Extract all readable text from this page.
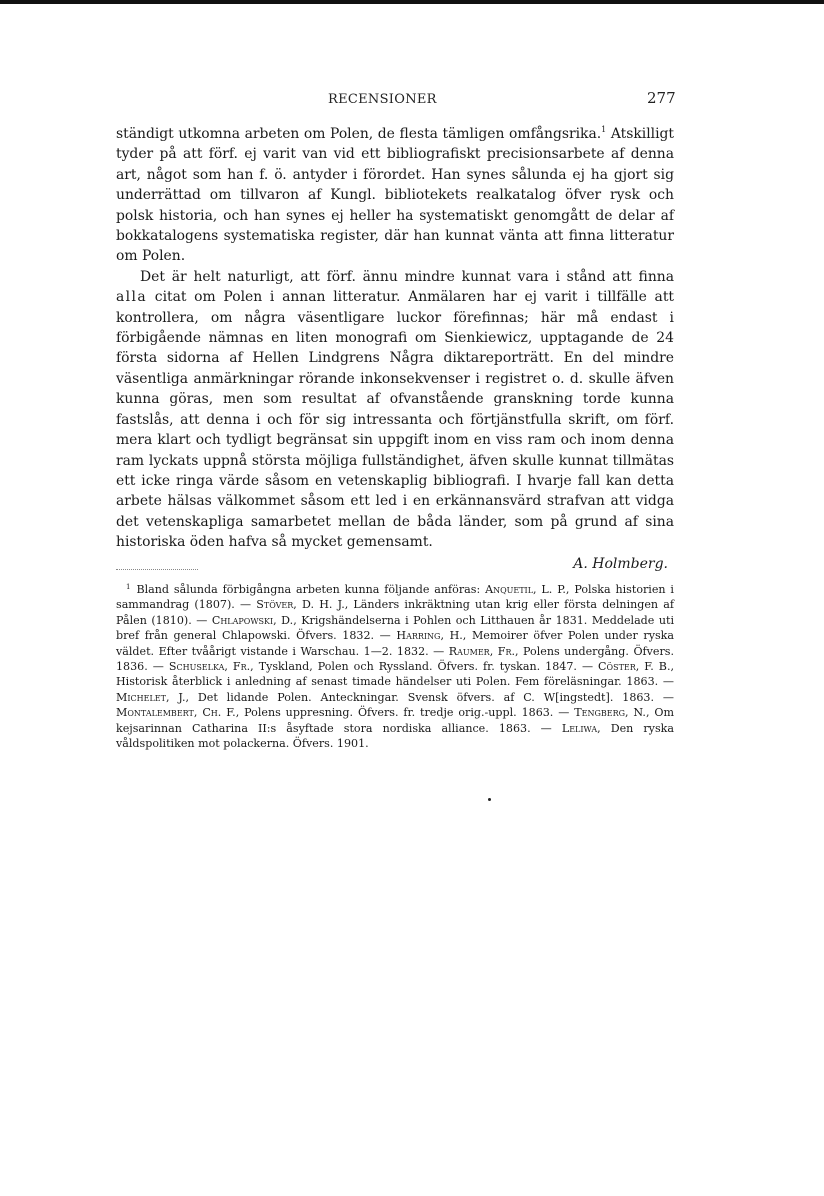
RECENSIONER	277

ständigt utkomna arbeten om Polen, de flesta tämligen omfångsrika.$^1$ Atskilligt tyder på att förf. ej varit van vid ett bibliografiskt precisionsarbete af denna art, något som han f. ö. antyder i förordet. Han synes sålunda ej ha gjort sig underrättad om tillvaron af Kungl. bibliotekets realkatalog öfver rysk och polsk historia, och han synes ej heller ha systematiskt genomgått de delar af bokkatalogens systematiska register, där han kunnat vänta att finna litteratur om Polen.

Det är helt naturligt, att förf. ännu mindre kunnat vara i stånd att finna alla citat om Polen i annan litteratur. Anmälaren har ej varit i tillfälle att kontrollera, om några väsentligare luckor förefinnas; här må endast i förbigående nämnas en liten monografi om Sienkiewicz, upptagande de 24 första sidorna af Hellen Lindgrens Några diktareporträtt. En del mindre väsentliga anmärkningar rörande inkonsekvenser i registret o. d. skulle äfven kunna göras, men som resultat af ofvanstående granskning torde kunna fastslås, att denna i och för sig intressanta och förtjänstfulla skrift, om förf. mera klart och tydligt begränsat sin uppgift inom en viss ram och inom denna ram lyckats uppnå största möjliga fullständighet, äfven skulle kunnat tillmätas ett icke ringa värde såsom en vetenskaplig bibliografi. I hvarje fall kan detta arbete hälsas välkommet såsom ett led i en erkännansvärd strafvan att vidga det vetenskapliga samarbetet mellan de båda länder, som på grund af sina historiska öden hafva så mycket gemensamt.

A. Holmberg.
$^1$ Bland sålunda förbigångna arbeten kunna följande anföras: Anquetil, L. P., Polska historien i sammandrag (1807). — Stöver, D. H. J., Länders inkräktning utan krig eller första delningen af Pålen (1810). — Chlapowski, D., Krigshändelserna i Pohlen och Litthauen år 1831. Meddelade uti bref från general Chlapowski. Öfvers. 1832. — Harring, H., Memoirer öfver Polen under ryska väldet. Efter tvåårigt vistande i Warschau. 1—2. 1832. — Raumer, Fr., Polens undergång. Öfvers. 1836. — Schuselka, Fr., Tyskland, Polen och Ryssland. Öfvers. fr. tyskan. 1847. — Cöster, F. B., Historisk återblick i anledning af senast timade händelser uti Polen. Fem föreläsningar. 1863. — Michelet, J., Det lidande Polen. Anteckningar. Svensk öfvers. af C. W[ingstedt]. 1863. — Montalembert, Ch. F., Polens uppresning. Öfvers. fr. tredje orig.-uppl. 1863. — Tengberg, N., Om kejsarinnan Catharina II:s åsyftade stora nordiska alliance. 1863. — Leliwa, Den ryska våldspolitiken mot polackerna. Öfvers. 1901.
